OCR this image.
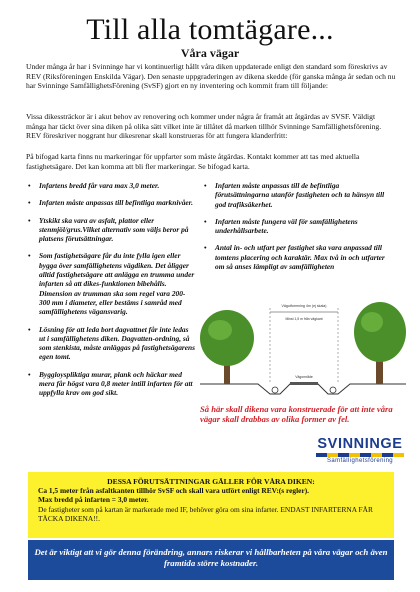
Till alla tomtägare...
Våra vägar

Under många år har i Svinninge har vi kontinuerligt hållt våra diken uppdaterade enligt den standard som föreskrivs av REV (Riksföreningen Enskilda Vägar). Den senaste uppgraderingen av dikena skedde (för ganska många år sedan och nu har Svinninge SamfällighetsFörening (SvSF) gjort en ny inventering och kommit fram till följande:

Vissa dikessträckor är i akut behov av renovering och kommer under några år framåt att åtgärdas av SVSF. Väldigt många har täckt över sina diken på olika sätt vilket inte är tillåtet då marken tillhör Svinninge Samfällighetsförening. REV föreskriver noggrant hur dikesrenar skall konstrueras för att fungera klanderfritt:

På bifogad karta finns nu markeringar för uppfarter som måste åtgärdas. Kontakt kommer att tas med aktuella fastighetsägare. Det kan komma att bli fler markeringar. Se bifogad karta.

• Infartens bredd får vara max 3,0 meter.
• Infarten måste anpassas till befintliga marknivåer.
• Ytskikt ska vara av asfalt, plattor eller stenmjöl/grus.Vilket alternativ som väljs beror på platsens förutsättningar.
• Som fastighetsägare får du inte fylla igen eller bygga över samfällighetens vägdiken. Det åligger alltid fastighetsägare att anlägga en trumma under infarten så att dikes-funktionen bibehålls. Dimension av trumman ska som regel vara 200-300 mm i diameter, eller bestäms i samråd med samfällighetens vägansvarig.
• Lösning för att leda bort dagvattnet får inte ledas ut i samfällighetens diken. Dagvatten-ordning, så som stenkista, måste anläggas på fastighetsägarens egen tomt.
• Byggloyspliktiga murar, plank och häckar med mera får högst vara 0,8 meter intill infarten för att uppfylla krav om god sikt.
• Infarten måste anpassas till de befintliga förutsättningarna utanför fastigheten och ta hänsyn till god trafiksäkerhet.
• Infarten måste fungera väl för samfällighetens underhållsarbete.
• Antal in- och utfart per fastighet ska vara anpassad till tomtens placering och karaktär. Max två in och utfarter om så anses lämpligt av samfälligheten
Vägutformning 4m (ej skala)
Minst 1,5 m från vägkant
Vägområde

Så här skall dikena vara konstruerade för att inte våra vägar skall drabbas av olika former av fel.

SVINNINGE
Samfällighetsförening
DESSA FÖRUTSÄTTNINGAR GÄLLER FÖR VÅRA DIKEN:
Ca 1,5 meter från asfaltkanten tillhör SvSF och skall vara utfört enligt REV:(s regler).
Max bredd på infarten = 3,0 meter.
De fastigheter som på kartan är markerade med IF, behöver göra om sina infarter. ENDAST INFARTERNA FÅR TÄCKA DIKENA!!.
Det är viktigt att vi gör denna förändring, annars riskerar vi hållbarheten på våra vägar och även framtida större kostnader.
